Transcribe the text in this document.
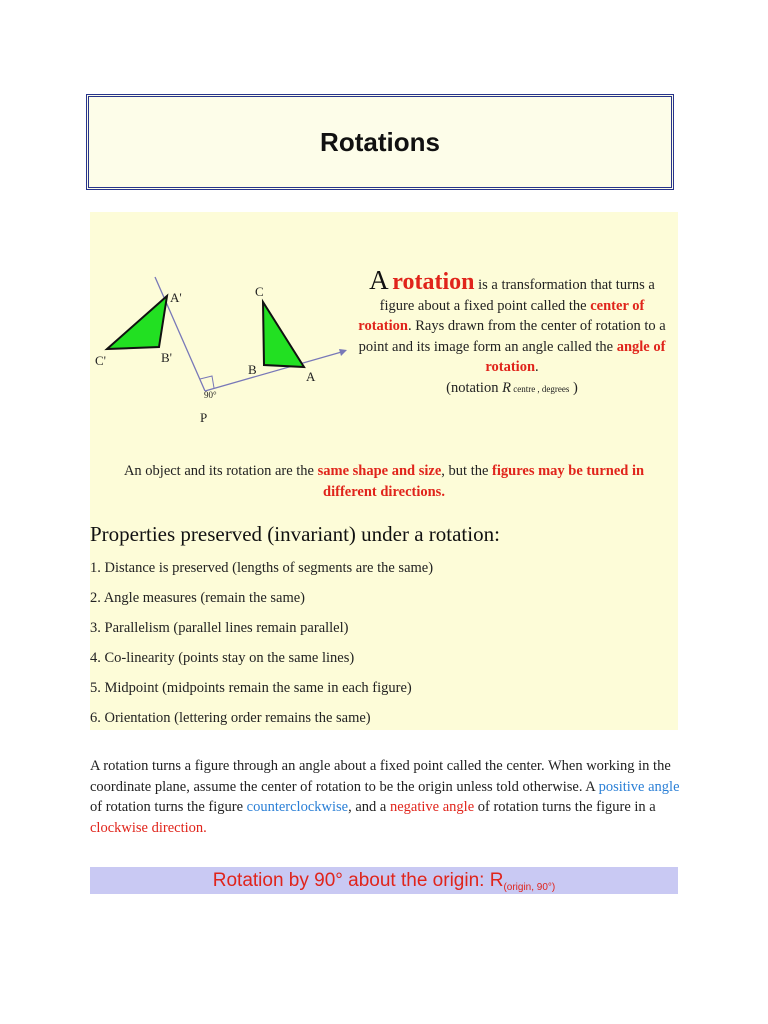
Rotations
A'
B'
C'
A
B
C
P
90°
A rotation is a transformation that turns a figure about a fixed point called the center of rotation. Rays drawn from the center of rotation to a point and its image form an angle called the angle of rotation.
(notation R centre , degrees )
An object and its rotation are the same shape and size, but the figures may be turned in different directions.
Properties preserved (invariant) under a rotation:
1. Distance is preserved (lengths of segments are the same)
2. Angle measures (remain the same)
3. Parallelism (parallel lines remain parallel)
4. Co-linearity (points stay on the same lines)
5. Midpoint (midpoints remain the same in each figure)
6. Orientation (lettering order remains the same)
A rotation turns a figure through an angle about a fixed point called the center. When working in the coordinate plane, assume the center of rotation to be the origin unless told otherwise. A positive angle of rotation turns the figure counterclockwise, and a negative angle of rotation turns the figure in a clockwise direction.
Rotation by 90° about the origin: $R_{(origin, 90^\circ)}$
